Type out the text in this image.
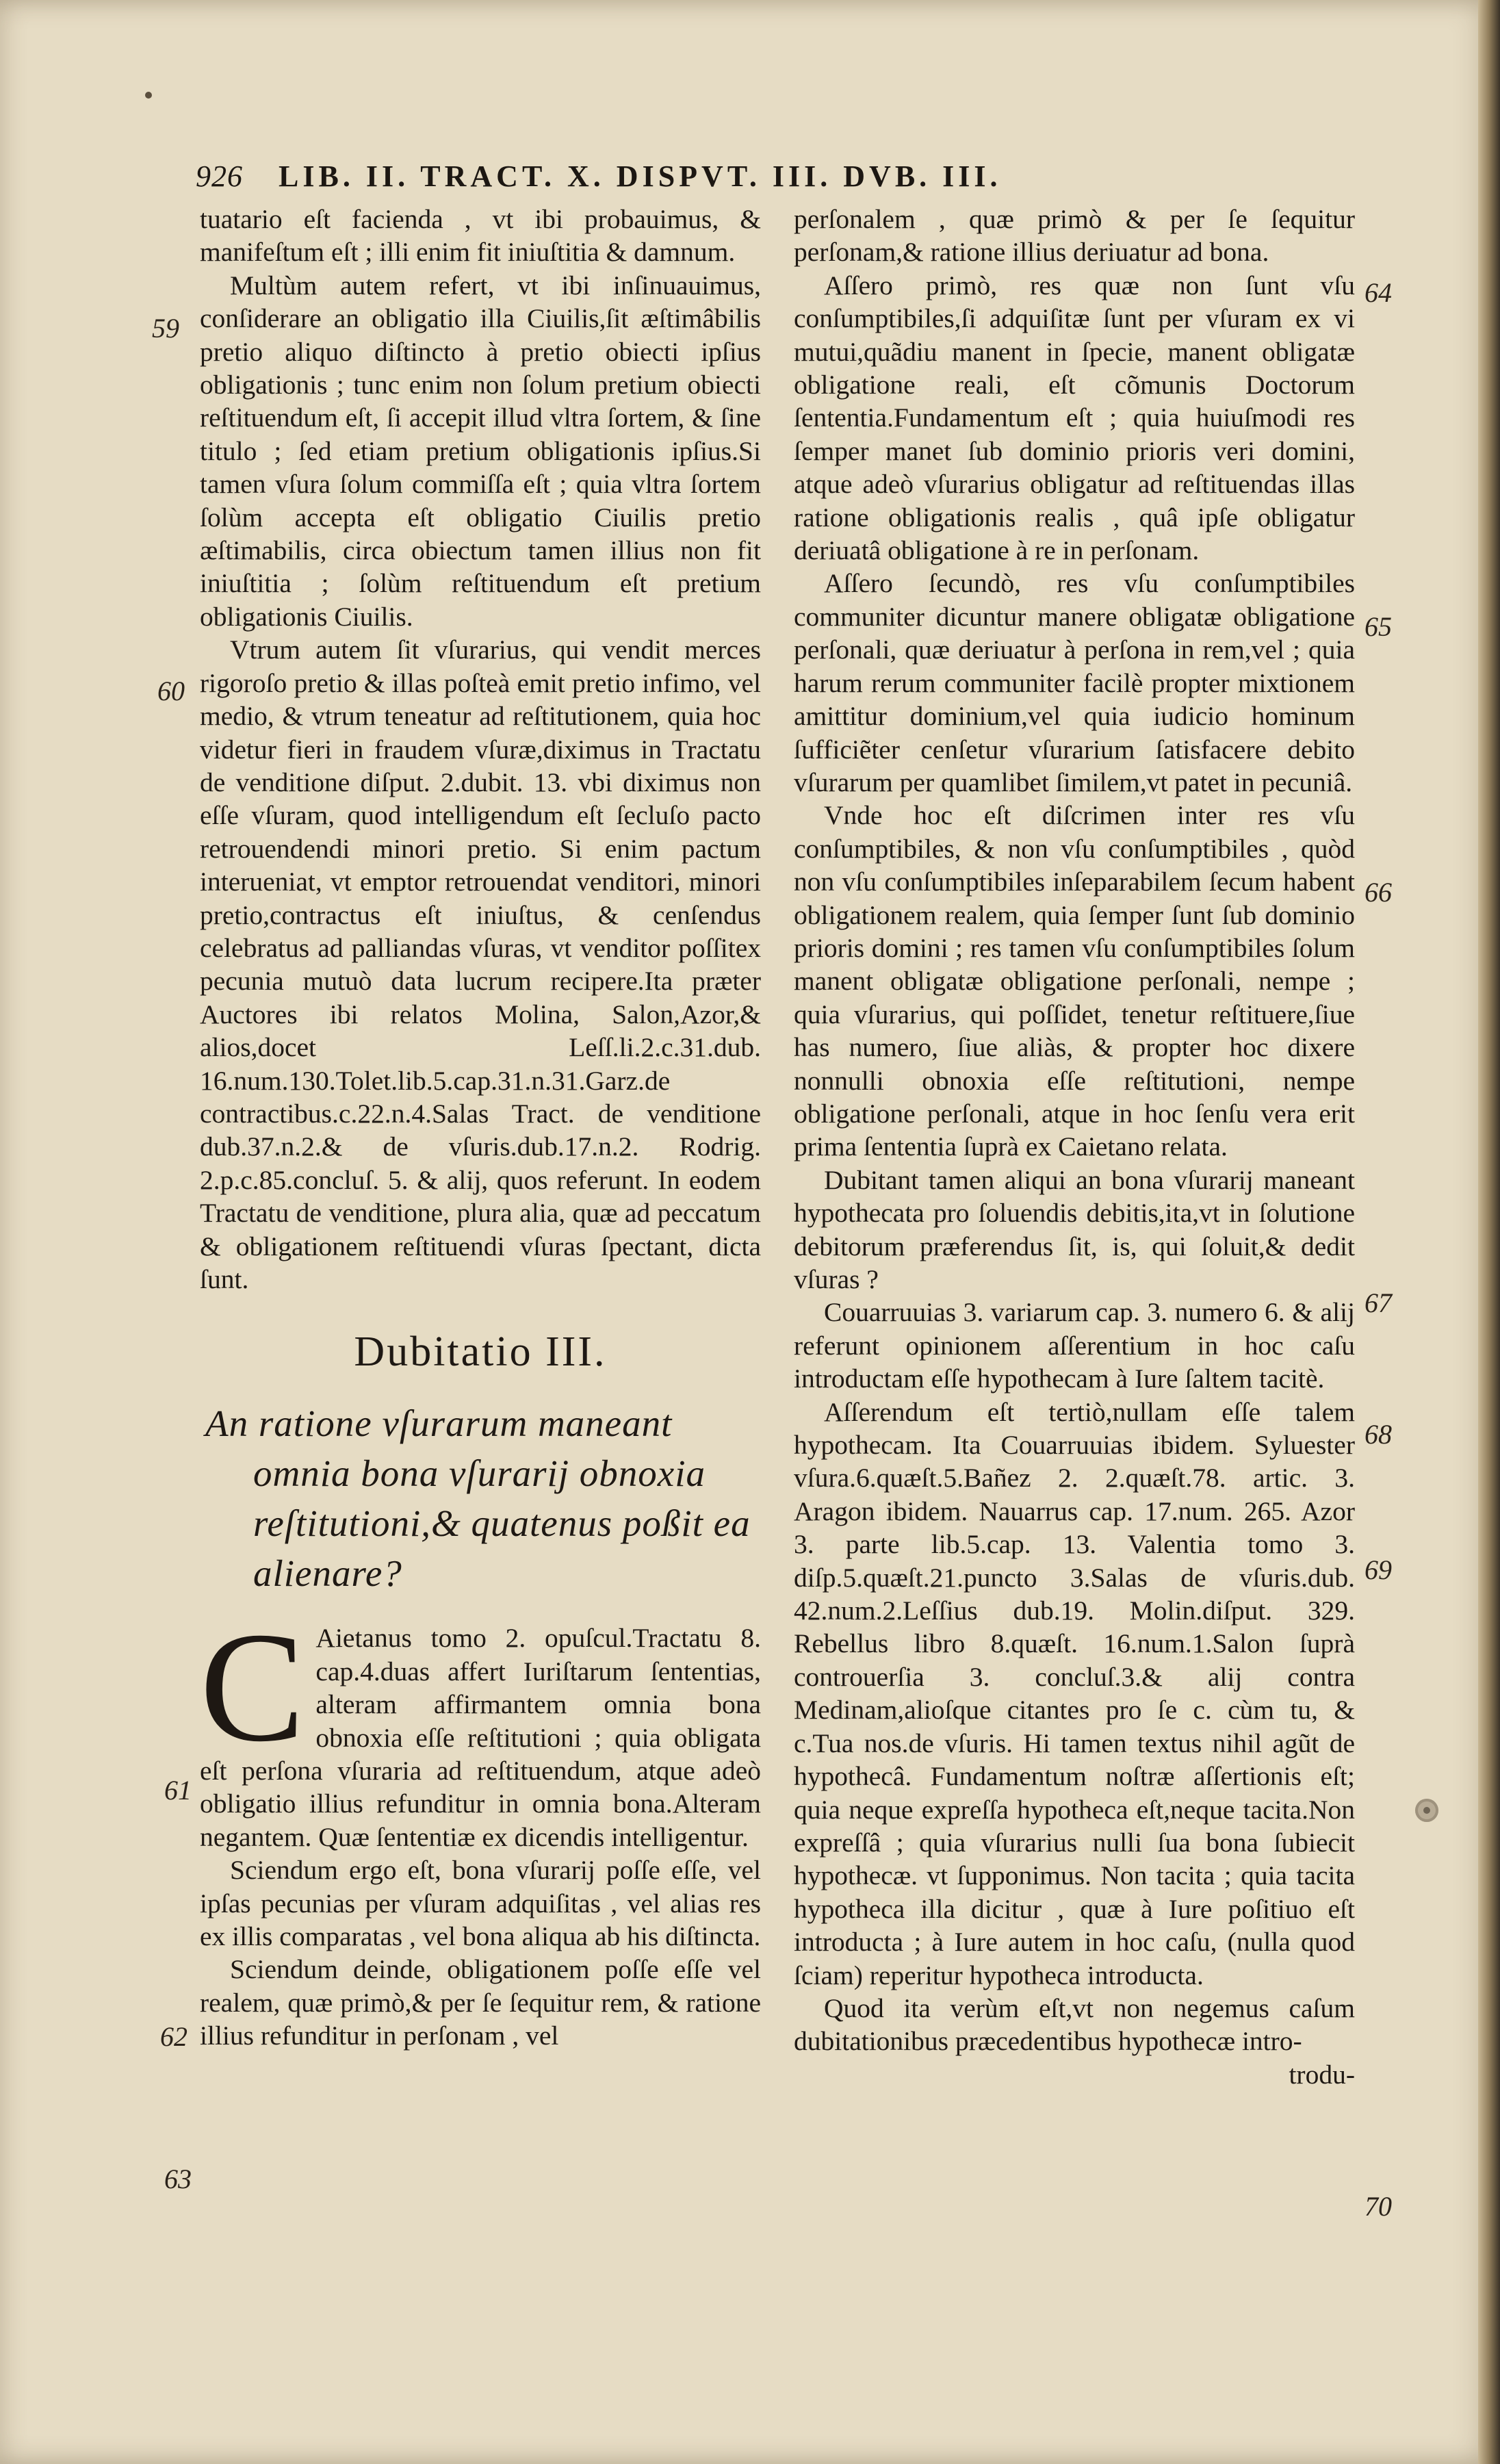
926 LIB. II. TRACT. X. DISPVT. III. DVB. III.

tuatario eſt facienda , vt ibi probauimus, & manifeſtum eſt ; illi enim fit iniuſtitia & damnum.

Multùm autem refert, vt ibi inſinuauimus, conſiderare an obligatio illa Ciuilis,ſit æſtimâbilis pretio aliquo diſtincto à pretio obiecti ipſius obligationis ; tunc enim non ſolum pretium obiecti reſtituendum eſt, ſi accepit illud vltra ſortem, & ſine titulo ; ſed etiam pretium obligationis ipſius.Si tamen vſura ſolum commiſſa eſt ; quia vltra ſortem ſolùm accepta eſt obligatio Ciuilis pretio æſtimabilis, circa obiectum tamen illius non fit iniuſtitia ; ſolùm reſtituendum eſt pretium obligationis Ciuilis.

Vtrum autem ſit vſurarius, qui vendit merces rigoroſo pretio & illas poſteà emit pretio infimo, vel medio, & vtrum teneatur ad reſtitutionem, quia hoc videtur fieri in fraudem vſuræ,diximus in Tractatu de venditione diſput. 2.dubit. 13. vbi diximus non eſſe vſuram, quod intelligendum eſt ſecluſo pacto retrouendendi minori pretio. Si enim pactum interueniat, vt emptor retrouendat venditori, minori pretio,contractus eſt iniuſtus, & cenſendus celebratus ad palliandas vſuras, vt venditor poſſitex pecunia mutuò data lucrum recipere.Ita præter Auctores ibi relatos Molina, Salon,Azor,& alios,docet Leſſ.li.2.c.31.dub. 16.num.130.Tolet.lib.5.cap.31.n.31.Garz.de contractibus.c.22.n.4.Salas Tract. de venditione dub.37.n.2.& de vſuris.dub.17.n.2. Rodrig. 2.p.c.85.concluſ. 5. & alij, quos referunt. In eodem Tractatu de venditione, plura alia, quæ ad peccatum & obligationem reſtituendi vſuras ſpectant, dicta ſunt.

Dubitatio III.
An ratione vſurarum maneant omnia bona vſurarij obnoxia reſtitutioni,& quatenus poßit ea alienare?
C Aietanus tomo 2. opuſcul.Tractatu 8. cap.4.duas affert Iuriſtarum ſententias, alteram affirmantem omnia bona obnoxia eſſe reſtitutioni ; quia obligata eſt perſona vſuraria ad reſtituendum, atque adeò obligatio illius refunditur in omnia bona.Alteram negantem. Quæ ſententiæ ex dicendis intelligentur.

Sciendum ergo eſt, bona vſurarij poſſe eſſe, vel ipſas pecunias per vſuram adquiſitas , vel alias res ex illis comparatas , vel bona aliqua ab his diſtincta.

Sciendum deinde, obligationem poſſe eſſe vel realem, quæ primò,& per ſe ſequitur rem, & ratione illius refunditur in perſonam , vel

59
60
61
62
63

perſonalem , quæ primò & per ſe ſequitur perſonam,& ratione illius deriuatur ad bona.

Aſſero primò, res quæ non ſunt vſu conſumptibiles,ſi adquiſitæ ſunt per vſuram ex vi mutui,quãdiu manent in ſpecie, manent obligatæ obligatione reali, eſt cõmunis Doctorum ſententia.Fundamentum eſt ; quia huiuſmodi res ſemper manet ſub dominio prioris veri domini, atque adeò vſurarius obligatur ad reſtituendas illas ratione obligationis realis , quâ ipſe obligatur deriuatâ obligatione à re in perſonam.

Aſſero ſecundò, res vſu conſumptibiles communiter dicuntur manere obligatæ obligatione perſonali, quæ deriuatur à perſona in rem,vel ; quia harum rerum communiter facilè propter mixtionem amittitur dominium,vel quia iudicio hominum ſufficiẽter cenſetur vſurarium ſatisfacere debito vſurarum per quamlibet ſimilem,vt patet in pecuniâ.

Vnde hoc eſt diſcrimen inter res vſu conſumptibiles, & non vſu conſumptibiles , quòd non vſu conſumptibiles inſeparabilem ſecum habent obligationem realem, quia ſemper ſunt ſub dominio prioris domini ; res tamen vſu conſumptibiles ſolum manent obligatæ obligatione perſonali, nempe ; quia vſurarius, qui poſſidet, tenetur reſtituere,ſiue has numero, ſiue aliàs, & propter hoc dixere nonnulli obnoxia eſſe reſtitutioni, nempe obligatione perſonali, atque in hoc ſenſu vera erit prima ſententia ſuprà ex Caietano relata.

Dubitant tamen aliqui an bona vſurarij maneant hypothecata pro ſoluendis debitis,ita,vt in ſolutione debitorum præferendus ſit, is, qui ſoluit,& dedit vſuras ?

Couarruuias 3. variarum cap. 3. numero 6. & alij referunt opinionem aſſerentium in hoc caſu introductam eſſe hypothecam à Iure ſaltem tacitè.

Aſſerendum eſt tertiò,nullam eſſe talem hypothecam. Ita Couarruuias ibidem. Syluester vſura.6.quæſt.5.Bañez 2. 2.quæſt.78. artic. 3. Aragon ibidem. Nauarrus cap. 17.num. 265. Azor 3. parte lib.5.cap. 13. Valentia tomo 3. diſp.5.quæſt.21.puncto 3.Salas de vſuris.dub. 42.num.2.Leſſius dub.19. Molin.diſput. 329. Rebellus libro 8.quæſt. 16.num.1.Salon ſuprà controuerſia 3. concluſ.3.& alij contra Medinam,alioſque citantes pro ſe c. cùm tu, & c.Tua nos.de vſuris. Hi tamen textus nihil agũt de hypothecâ. Fundamentum noſtræ aſſertionis eſt; quia neque expreſſa hypotheca eſt,neque tacita.Non expreſſâ ; quia vſurarius nulli ſua bona ſubiecit hypothecæ. vt ſupponimus. Non tacita ; quia tacita hypotheca illa dicitur , quæ à Iure poſitiuo eſt introducta ; à Iure autem in hoc caſu, (nulla quod ſciam) reperitur hypotheca introducta.

Quod ita verùm eſt,vt non negemus caſum dubitationibus præcedentibus hypothecæ intro-

trodu-
64
65
66
67
68
69
70
